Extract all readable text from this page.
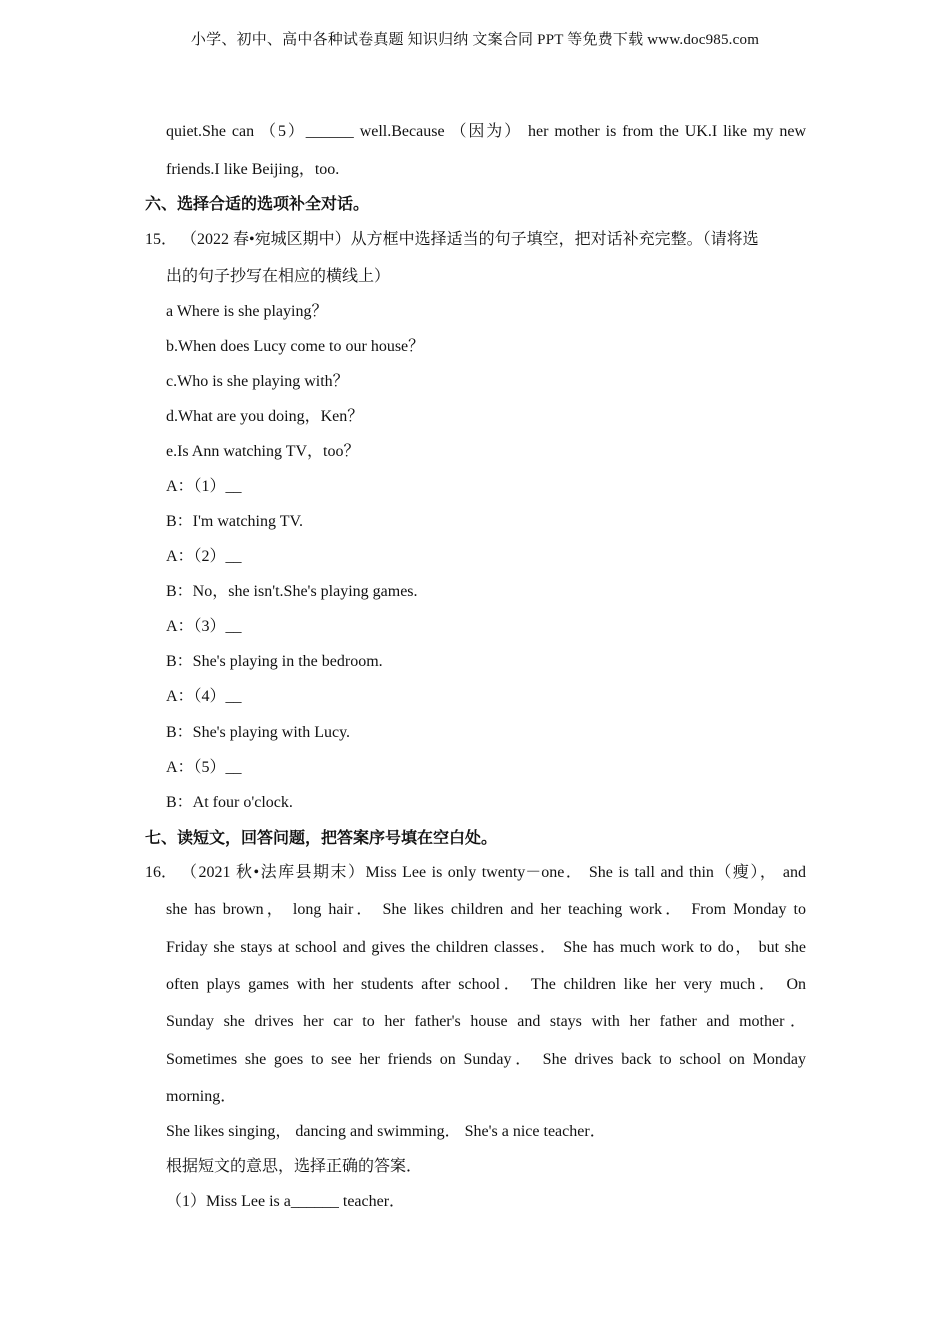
小学、初中、高中各种试卷真题 知识归纳 文案合同 PPT 等免费下载 www.doc985.com
quiet.She can （5）______ well.Because （因为） her mother is from the UK.I like my new
friends.I like Beijing，too.
六、选择合适的选项补全对话。
15． （2022 春•宛城区期中）从方框中选择适当的句子填空，把对话补充完整。（请将选
出的句子抄写在相应的横线上）
a Where is she playing？
b.When does Lucy come to our house？
c.Who is she playing with？
d.What are you doing，Ken？
e.Is Ann watching TV，too？
A：（1）__
B：I'm watching TV.
A：（2）__
B：No，she isn't.She's playing games.
A：（3）__
B：She's playing in the bedroom.
A：（4）__
B：She's playing with Lucy.
A：（5）__
B：At four o'clock.
七、读短文，回答问题，把答案序号填在空白处。
16． （2021 秋•法库县期末）Miss Lee is only twenty－one． She is tall and thin（瘦）， and
she has brown， long hair． She likes children and her teaching work． From Monday to
Friday she stays at school and gives the children classes． She has much work to do， but she
often plays games with her students after school． The children like her very much． On
Sunday she drives her car to her father's house and stays with her father and mother．
Sometimes she goes to see her friends on Sunday． She drives back to school on Monday
morning．
She likes singing， dancing and swimming． She's a nice teacher．
根据短文的意思，选择正确的答案．
（1）Miss Lee is a______ teacher．
